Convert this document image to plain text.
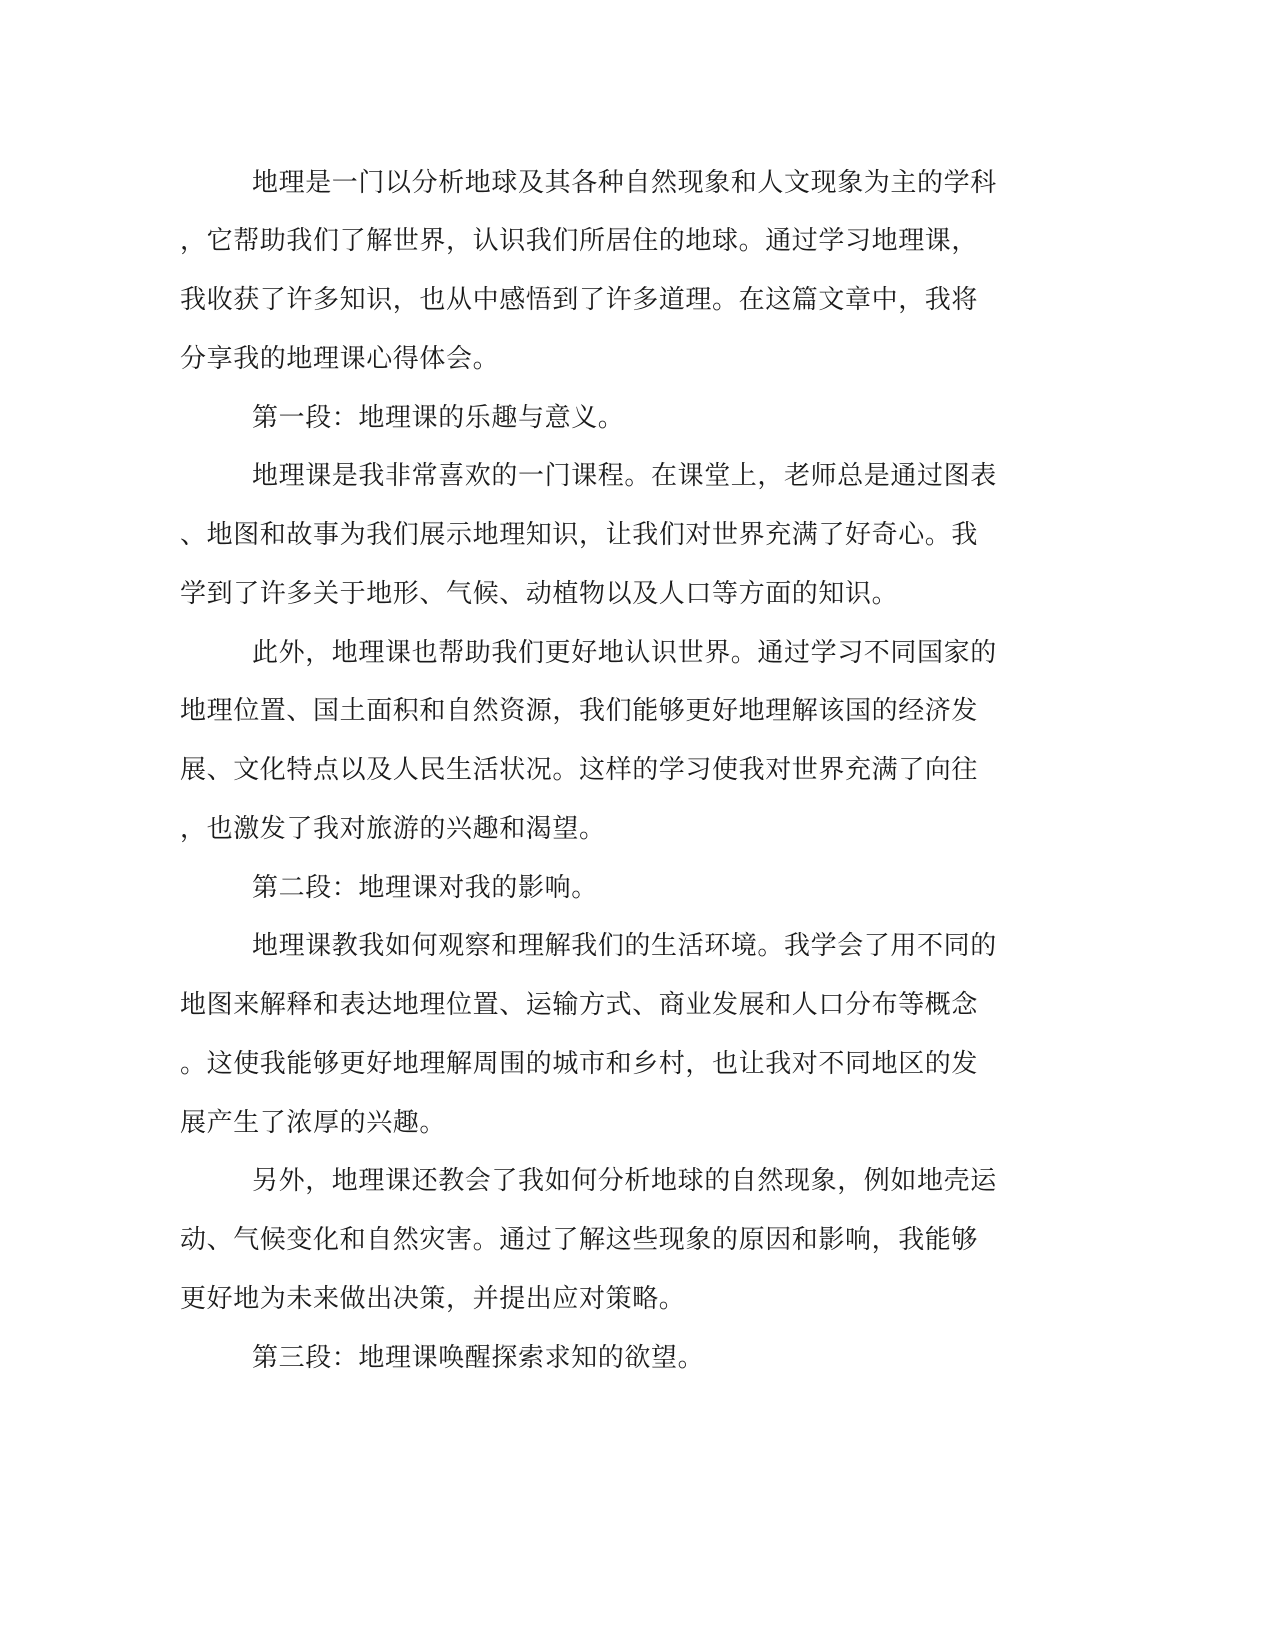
地理是一门以分析地球及其各种自然现象和人文现象为主的学科
，它帮助我们了解世界，认识我们所居住的地球。通过学习地理课，
我收获了许多知识，也从中感悟到了许多道理。在这篇文章中，我将
分享我的地理课心得体会。
第一段：地理课的乐趣与意义。
地理课是我非常喜欢的一门课程。在课堂上，老师总是通过图表
、地图和故事为我们展示地理知识，让我们对世界充满了好奇心。我
学到了许多关于地形、气候、动植物以及人口等方面的知识。
此外，地理课也帮助我们更好地认识世界。通过学习不同国家的
地理位置、国土面积和自然资源，我们能够更好地理解该国的经济发
展、文化特点以及人民生活状况。这样的学习使我对世界充满了向往
，也激发了我对旅游的兴趣和渴望。
第二段：地理课对我的影响。
地理课教我如何观察和理解我们的生活环境。我学会了用不同的
地图来解释和表达地理位置、运输方式、商业发展和人口分布等概念
。这使我能够更好地理解周围的城市和乡村，也让我对不同地区的发
展产生了浓厚的兴趣。
另外，地理课还教会了我如何分析地球的自然现象，例如地壳运
动、气候变化和自然灾害。通过了解这些现象的原因和影响，我能够
更好地为未来做出决策，并提出应对策略。
第三段：地理课唤醒探索求知的欲望。
